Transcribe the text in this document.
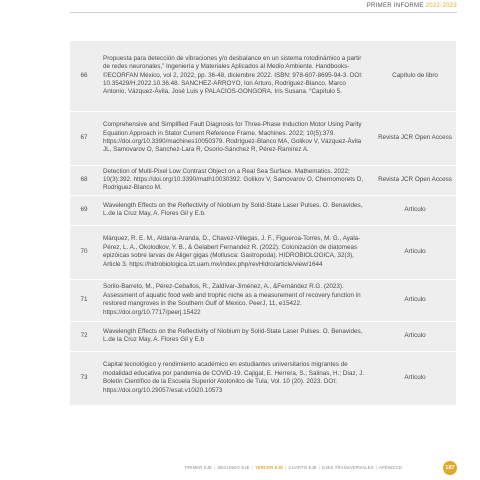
PRIMER INFORME 2022-2023
66	Propuesta para detección de vibraciones y/o desbalance en un sistema rotodinámico a partir de redes neuronales,” Ingeniería y Materiales Aplicados al Medio Ambiente. Handbooks-©ECORFAN México, vol 2, 2022, pp. 36-48, diciembre 2022. ISBN: 978-607-8695-94-3. DOI: 10.35429/H.2022.10.36.48. SANCHEZ-ARROYO, Ion Arturo, Rodriguez-Blanco, Marco Antonio, Vázquez-Ávila, José Luis y PALACIOS-GONGORA, Iris Susana. “Capítulo 5.	Capítulo de libro
67	Comprehensive and Simplified Fault Diagnosis for Three-Phase Induction Motor Using Parity Equation Approach in Stator Current Reference Frame. Machines. 2022; 10(5):379. https://doi.org/10.3390/machines10050379. Rodríguez-Blanco MA, Golikov V, Vázquez-Ávila JL, Samovarov O, Sanchez-Lara R, Osorio-Sánchez R, Pérez-Ramírez A.	Revista JCR Open Access
68	Detection of Multi-Pixel Low Contrast Object on a Real Sea Surface. Mathematics. 2022; 10(3):392. https://doi.org/10.3390/math10030392. Golikov V, Samovarov O, Chernomorets D, Rodriguez-Blanco M.	Revista JCR Open Access
69	Wavelength Effects on the Reflectivity of Niobium by Solid-State Laser Pulses. O. Benavides, L.de la Cruz May, A. Flores Gil y E.b.	Artículo
70	Márquez, R. E. M., Aldana-Aranda, D., Chavez-Villegas, J. F., Figueroa-Torres, M. G., Ayala-Pérez, L. A., Okolodkov, Y. B., & Gelabert Fernandez R. (2022). Colonización de diatomeas epizóicas sobre larvas de Aliger gigas (Mollusca: Gastropoda). HIDROBIOLOGICA, 32(3), Article 3. https://hidrobiologica.izt.uam.mx/index.php/revHidro/article/view/1644	Artículo
71	Sorilo-Barreto, M., Pérez-Ceballos, R., Zaldívar-Jiménez, A., &Fernández R.G. (2023). Assessment of aquatic food web and trophic niche as a measurement of recovery function in restored mangroves in the Southern Gulf of Mexico. PeerJ, 11, e15422. https://doi.org/10.7717/peerj.15422	Artículo
72	Wavelength Effects on the Reflectivity of Niobium by Solid-State Laser Pulses. O. Benavides, L.de la Cruz May, A. Flores Gil y E.b	Artículo
73	Capital tecnológico y rendimiento académico en estudiantes universitarios migrantes de modalidad educativa por pandemia de COVID-19. Cajigal, E. Herrera, S.; Salinas, H.; Díaz, J. Boletín Científico de la Escuela Superior Atotonilco de Tula, Vol. 10 (20). 2023. DOI: https://doi.org/10.29057/esat.v10i20.10573	Artículo
PRIMER EJE | SEGUNDO EJE | TERCER EJE | CUARTO EJE | EJES TRANSVERSALES | APÉNDICE	187
